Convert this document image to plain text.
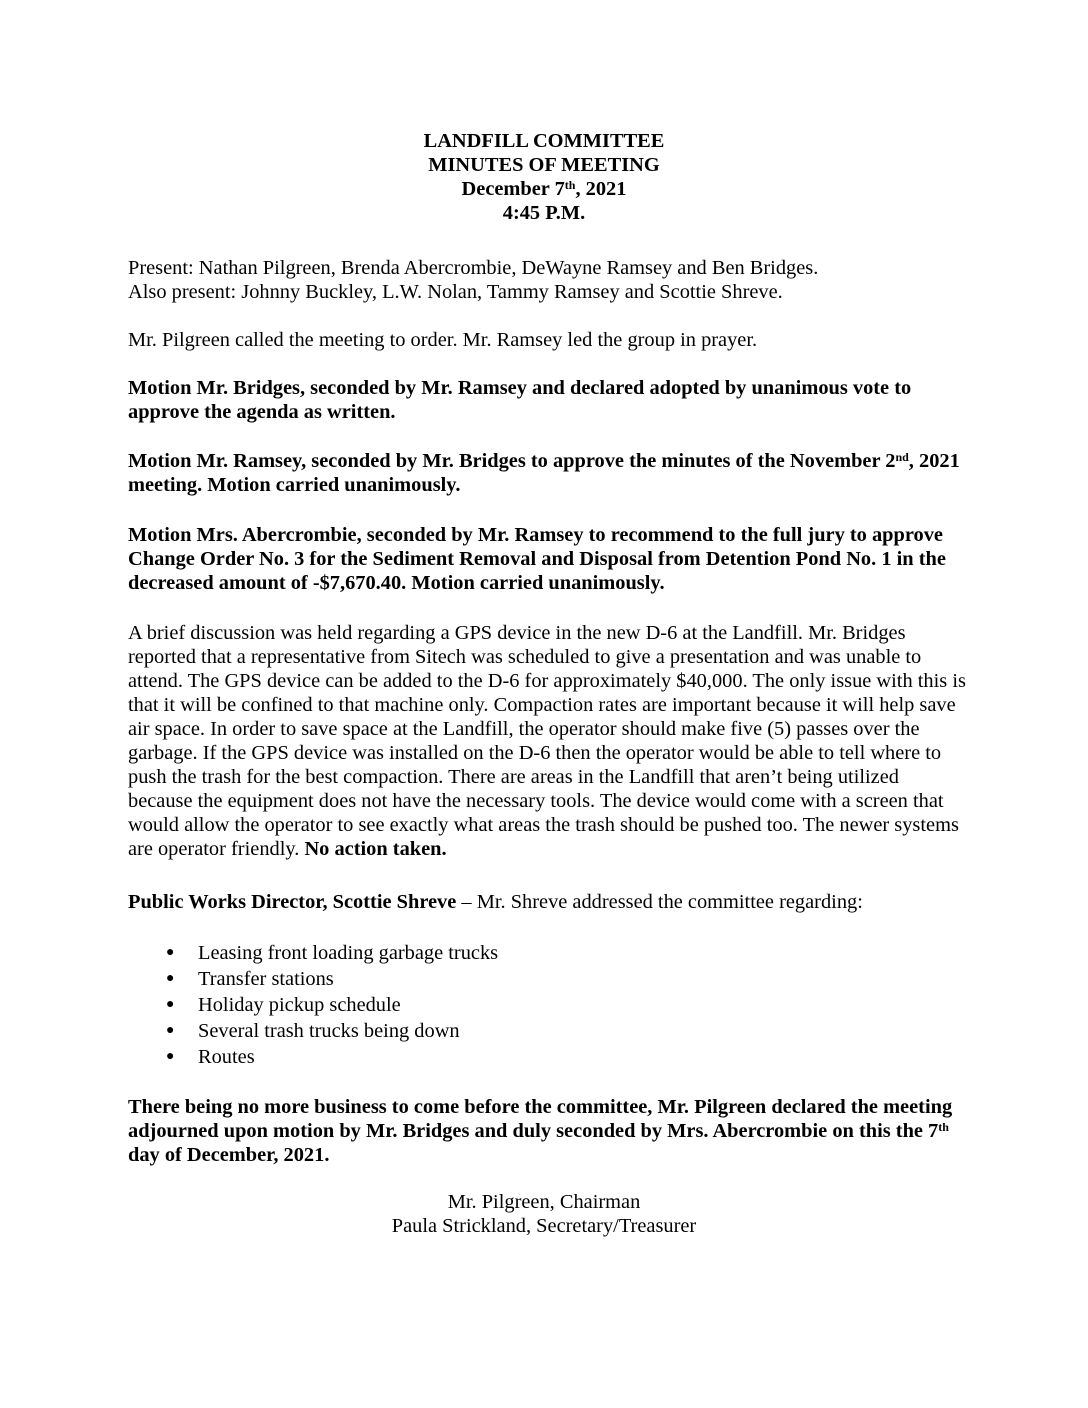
LANDFILL COMMITTEE
MINUTES OF MEETING
December 7th, 2021
4:45 P.M.
Present: Nathan Pilgreen, Brenda Abercrombie, DeWayne Ramsey and Ben Bridges.
Also present: Johnny Buckley, L.W. Nolan, Tammy Ramsey and Scottie Shreve.
Mr. Pilgreen called the meeting to order. Mr. Ramsey led the group in prayer.
Motion Mr. Bridges, seconded by Mr. Ramsey and declared adopted by unanimous vote to approve the agenda as written.
Motion Mr. Ramsey, seconded by Mr. Bridges to approve the minutes of the November 2nd, 2021 meeting. Motion carried unanimously.
Motion Mrs. Abercrombie, seconded by Mr. Ramsey to recommend to the full jury to approve Change Order No. 3 for the Sediment Removal and Disposal from Detention Pond No. 1 in the decreased amount of -$7,670.40. Motion carried unanimously.
A brief discussion was held regarding a GPS device in the new D-6 at the Landfill. Mr. Bridges reported that a representative from Sitech was scheduled to give a presentation and was unable to attend. The GPS device can be added to the D-6 for approximately $40,000. The only issue with this is that it will be confined to that machine only. Compaction rates are important because it will help save air space. In order to save space at the Landfill, the operator should make five (5) passes over the garbage. If the GPS device was installed on the D-6 then the operator would be able to tell where to push the trash for the best compaction. There are areas in the Landfill that aren’t being utilized because the equipment does not have the necessary tools. The device would come with a screen that would allow the operator to see exactly what areas the trash should be pushed too. The newer systems are operator friendly. No action taken.
Public Works Director, Scottie Shreve – Mr. Shreve addressed the committee regarding:
●	Leasing front loading garbage trucks
●	Transfer stations
●	Holiday pickup schedule
●	Several trash trucks being down
●	Routes
There being no more business to come before the committee, Mr. Pilgreen declared the meeting adjourned upon motion by Mr. Bridges and duly seconded by Mrs. Abercrombie on this the 7th day of December, 2021.
Mr. Pilgreen, Chairman
Paula Strickland, Secretary/Treasurer
